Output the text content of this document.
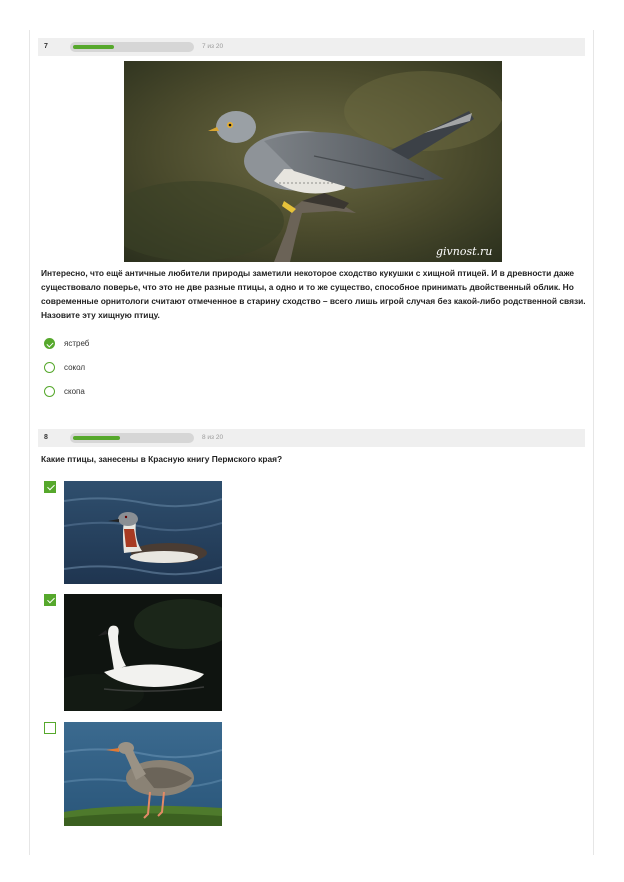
7	7 из 20
givnost.ru

Интересно, что ещё античные любители природы заметили некоторое сходство кукушки с хищной птицей. И в древности даже существовало поверье, что это не две разные птицы, а одно и то же существо, способное принимать двойственный облик. Но современные орнитологи считают отмеченное в старину сходство – всего лишь игрой случая без какой-либо родственной связи. Назовите эту хищную птицу.

ястреб
сокол
скопа
8	8 из 20

Какие птицы, занесены в Красную книгу Пермского края?
